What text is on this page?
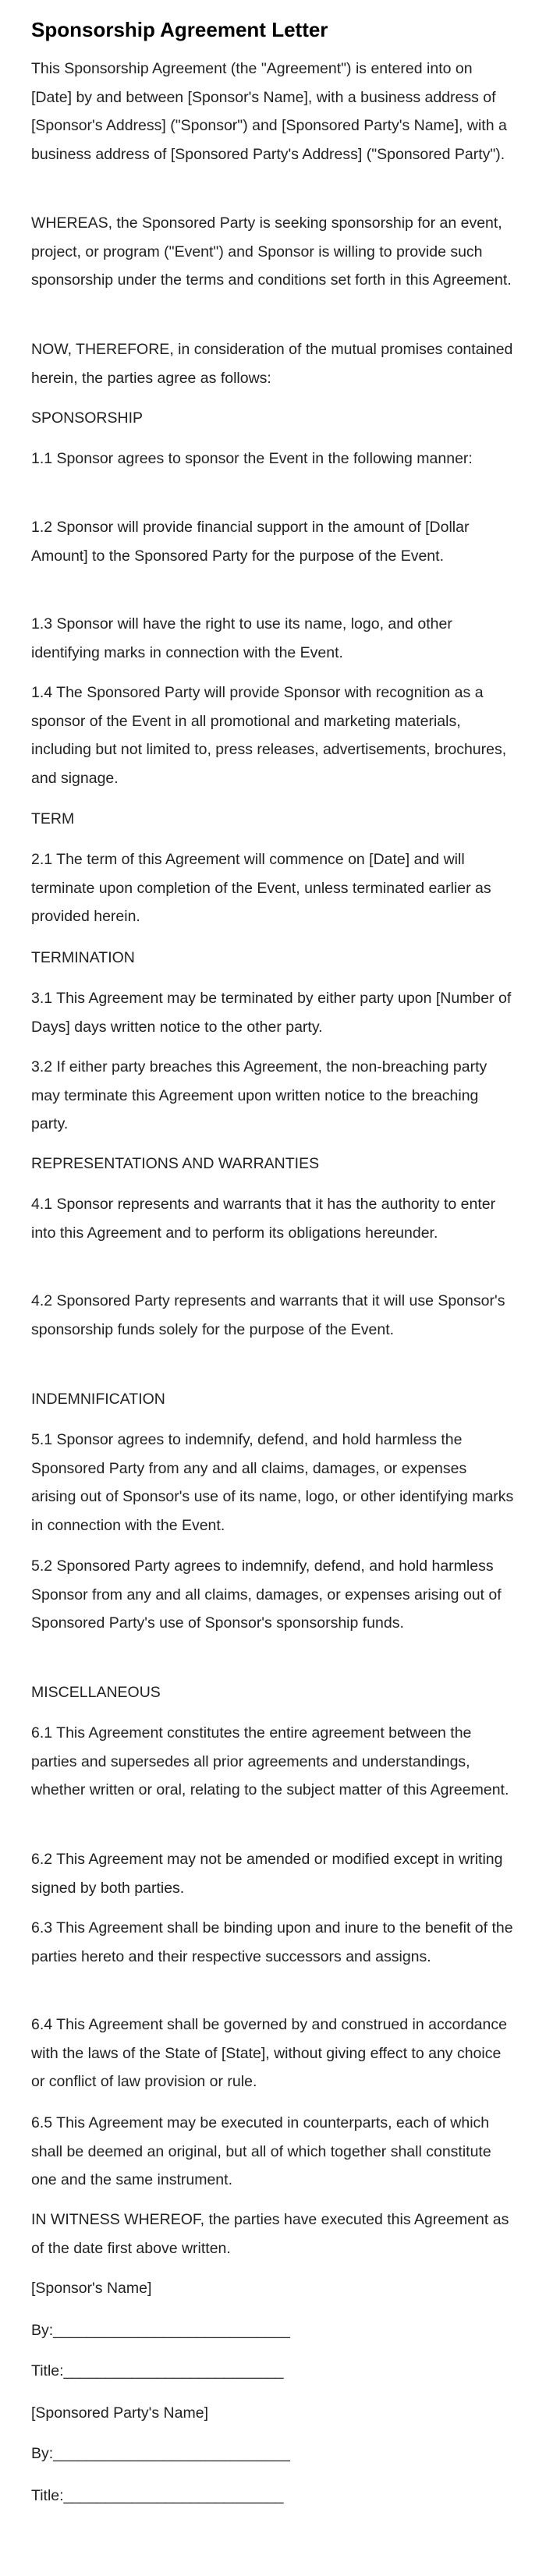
Sponsorship Agreement Letter

This Sponsorship Agreement (the "Agreement") is entered into on [Date] by and between [Sponsor's Name], with a business address of [Sponsor's Address] ("Sponsor") and [Sponsored Party's Name], with a business address of [Sponsored Party's Address] ("Sponsored Party").

WHEREAS, the Sponsored Party is seeking sponsorship for an event, project, or program ("Event") and Sponsor is willing to provide such sponsorship under the terms and conditions set forth in this Agreement.

NOW, THEREFORE, in consideration of the mutual promises contained herein, the parties agree as follows:

SPONSORSHIP

1.1 Sponsor agrees to sponsor the Event in the following manner:

1.2 Sponsor will provide financial support in the amount of [Dollar Amount] to the Sponsored Party for the purpose of the Event.

1.3 Sponsor will have the right to use its name, logo, and other identifying marks in connection with the Event.

1.4 The Sponsored Party will provide Sponsor with recognition as a sponsor of the Event in all promotional and marketing materials, including but not limited to, press releases, advertisements, brochures, and signage.

TERM

2.1 The term of this Agreement will commence on [Date] and will terminate upon completion of the Event, unless terminated earlier as provided herein.

TERMINATION

3.1 This Agreement may be terminated by either party upon [Number of Days] days written notice to the other party.

3.2 If either party breaches this Agreement, the non-breaching party may terminate this Agreement upon written notice to the breaching party.

REPRESENTATIONS AND WARRANTIES

4.1 Sponsor represents and warrants that it has the authority to enter into this Agreement and to perform its obligations hereunder.

4.2 Sponsored Party represents and warrants that it will use Sponsor's sponsorship funds solely for the purpose of the Event.

INDEMNIFICATION

5.1 Sponsor agrees to indemnify, defend, and hold harmless the Sponsored Party from any and all claims, damages, or expenses arising out of Sponsor's use of its name, logo, or other identifying marks in connection with the Event.

5.2 Sponsored Party agrees to indemnify, defend, and hold harmless Sponsor from any and all claims, damages, or expenses arising out of Sponsored Party's use of Sponsor's sponsorship funds.

MISCELLANEOUS

6.1 This Agreement constitutes the entire agreement between the parties and supersedes all prior agreements and understandings, whether written or oral, relating to the subject matter of this Agreement.

6.2 This Agreement may not be amended or modified except in writing signed by both parties.

6.3 This Agreement shall be binding upon and inure to the benefit of the parties hereto and their respective successors and assigns.

6.4 This Agreement shall be governed by and construed in accordance with the laws of the State of [State], without giving effect to any choice or conflict of law provision or rule.

6.5 This Agreement may be executed in counterparts, each of which shall be deemed an original, but all of which together shall constitute one and the same instrument.

IN WITNESS WHEREOF, the parties have executed this Agreement as of the date first above written.

[Sponsor's Name]

By:____________________________

Title:__________________________

[Sponsored Party's Name]

By:____________________________

Title:__________________________
